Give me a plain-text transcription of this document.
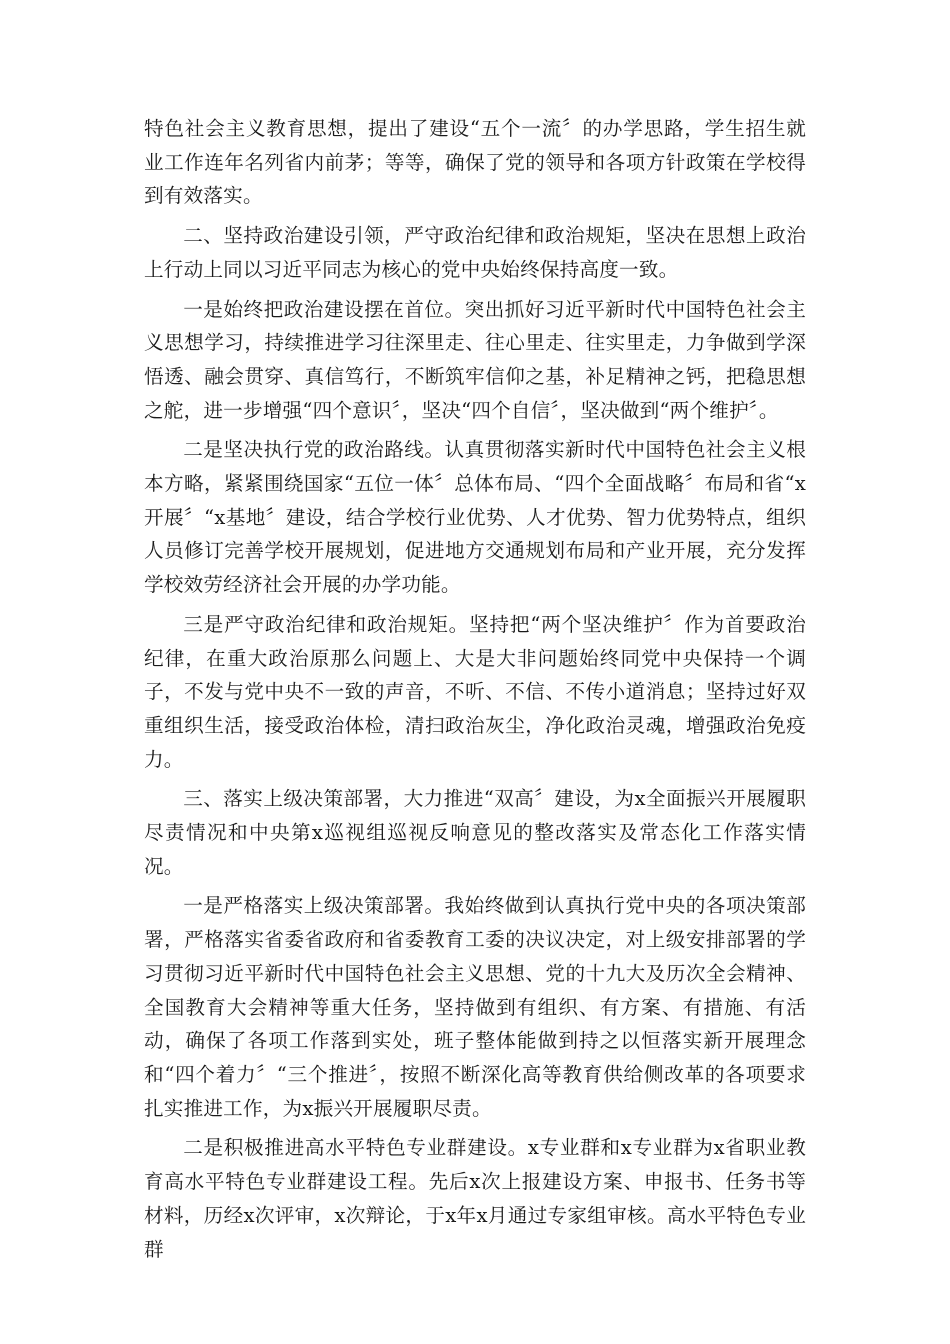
特色社会主义教育思想，提出了建设“五个一流〞的办学思路，学生招生就业工作连年名列省内前茅；等等，确保了党的领导和各项方针政策在学校得到有效落实。

二、坚持政治建设引领，严守政治纪律和政治规矩，坚决在思想上政治上行动上同以习近平同志为核心的党中央始终保持高度一致。

一是始终把政治建设摆在首位。突出抓好习近平新时代中国特色社会主义思想学习，持续推进学习往深里走、往心里走、往实里走，力争做到学深悟透、融会贯穿、真信笃行，不断筑牢信仰之基，补足精神之钙，把稳思想之舵，进一步增强“四个意识〞，坚决“四个自信〞，坚决做到“两个维护〞。

二是坚决执行党的政治路线。认真贯彻落实新时代中国特色社会主义根本方略，紧紧围绕国家“五位一体〞总体布局、“四个全面战略〞布局和省“x开展〞“x基地〞建设，结合学校行业优势、人才优势、智力优势特点，组织人员修订完善学校开展规划，促进地方交通规划布局和产业开展，充分发挥学校效劳经济社会开展的办学功能。

三是严守政治纪律和政治规矩。坚持把“两个坚决维护〞作为首要政治纪律，在重大政治原那么问题上、大是大非问题始终同党中央保持一个调子，不发与党中央不一致的声音，不听、不信、不传小道消息；坚持过好双重组织生活，接受政治体检，清扫政治灰尘，净化政治灵魂，增强政治免疫力。

三、落实上级决策部署，大力推进“双高〞建设，为x全面振兴开展履职尽责情况和中央第x巡视组巡视反响意见的整改落实及常态化工作落实情况。

一是严格落实上级决策部署。我始终做到认真执行党中央的各项决策部署，严格落实省委省政府和省委教育工委的决议决定，对上级安排部署的学习贯彻习近平新时代中国特色社会主义思想、党的十九大及历次全会精神、全国教育大会精神等重大任务，坚持做到有组织、有方案、有措施、有活动，确保了各项工作落到实处，班子整体能做到持之以恒落实新开展理念和“四个着力〞“三个推进〞，按照不断深化高等教育供给侧改革的各项要求扎实推进工作，为x振兴开展履职尽责。

二是积极推进高水平特色专业群建设。x专业群和x专业群为x省职业教育高水平特色专业群建设工程。先后x次上报建设方案、申报书、任务书等材料，历经x次评审，x次辩论，于x年x月通过专家组审核。高水平特色专业群
